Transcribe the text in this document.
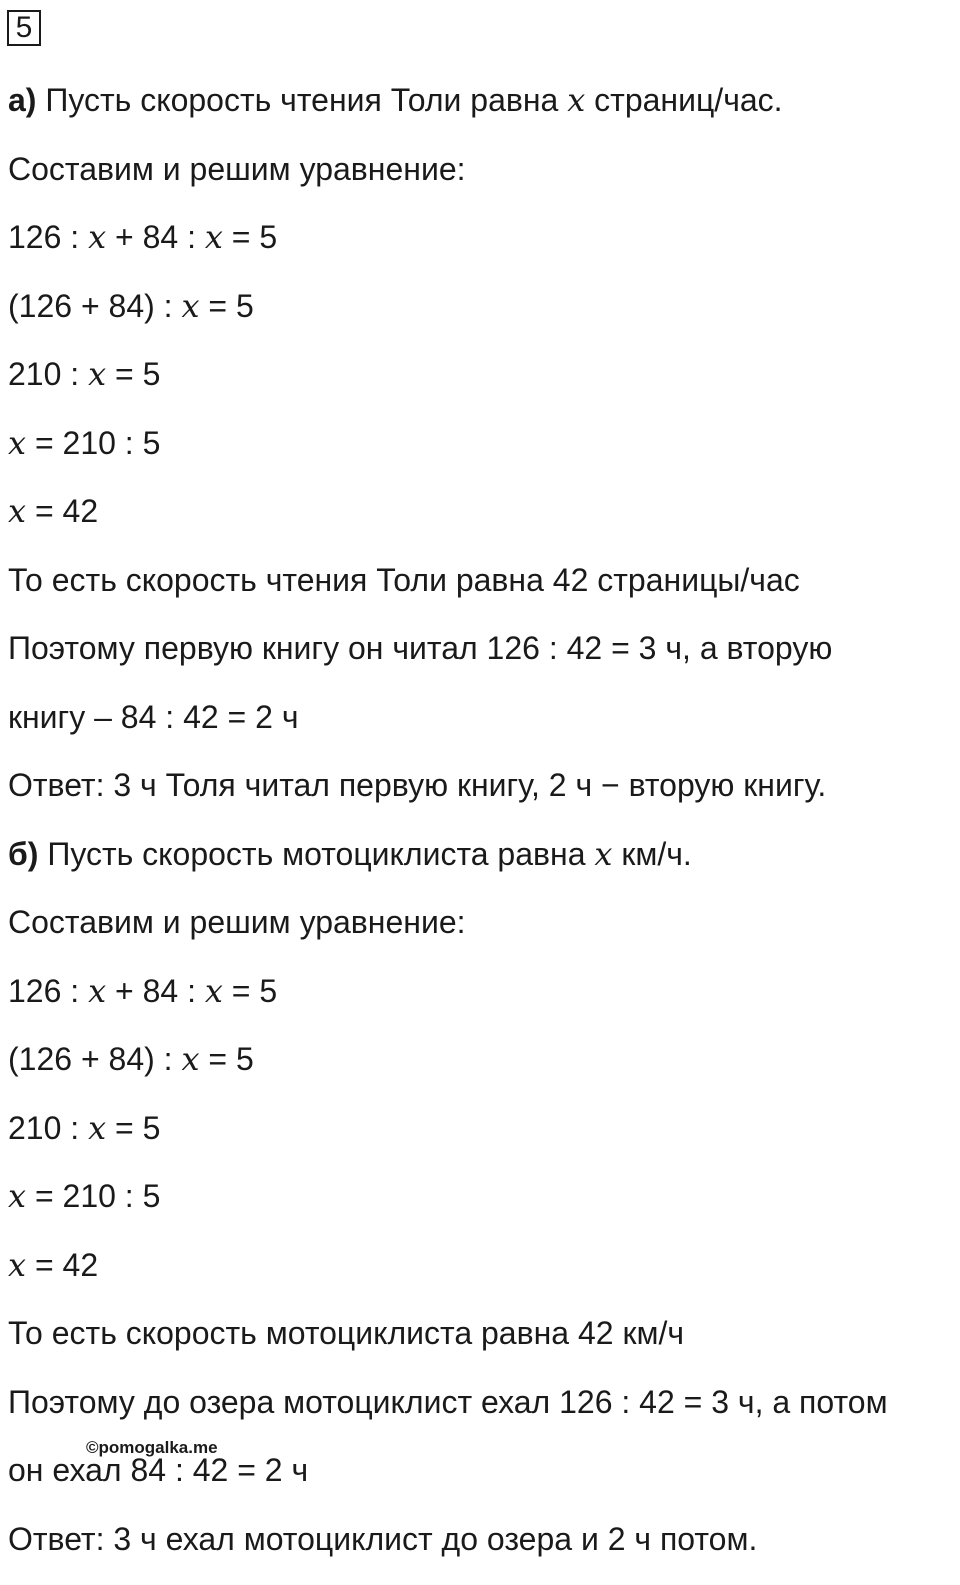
5
а) Пусть скорость чтения Толи равна x страниц/час.
Составим и решим уравнение:
126 : x + 84 : x = 5
(126 + 84) : x = 5
210 : x = 5
x = 210 : 5
x = 42
То есть скорость чтения Толи равна 42 страницы/час
Поэтому первую книгу он читал 126 : 42 = 3 ч, а вторую
книгу – 84 : 42 = 2 ч
Ответ: 3 ч Толя читал первую книгу, 2 ч − вторую книгу.
б) Пусть скорость мотоциклиста равна x км/ч.
Составим и решим уравнение:
126 : x + 84 : x = 5
(126 + 84) : x = 5
210 : x = 5
x = 210 : 5
x = 42
То есть скорость мотоциклиста равна 42 км/ч
Поэтому до озера мотоциклист ехал 126 : 42 = 3 ч, а потом
он ехал 84 : 42 = 2 ч
Ответ: 3 ч ехал мотоциклист до озера и 2 ч потом.
©pomogalka.me
